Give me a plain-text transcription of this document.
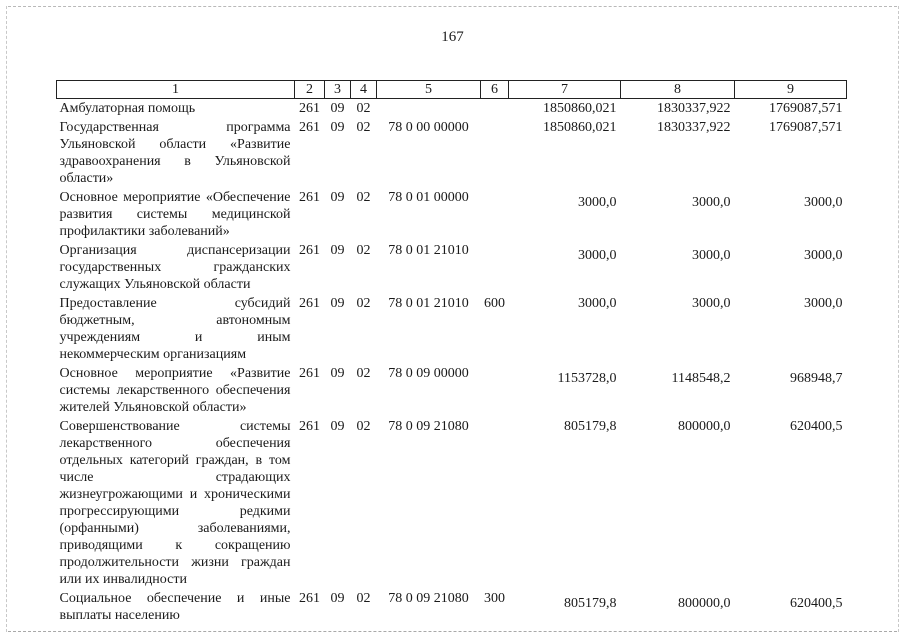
167
1	2	3	4	5	6	7	8	9
Амбулаторная помощь	261	09	02			1850860,021	1830337,922	1769087,571
Государственная программа Ульяновской области «Развитие здравоохранения в Ульяновской области»	261	09	02	78 0 00 00000		1850860,021	1830337,922	1769087,571
Основное мероприятие «Обеспечение развития системы медицинской профилактики заболеваний»	261	09	02	78 0 01 00000		3000,0	3000,0	3000,0
Организация диспансеризации государственных гражданских служащих Ульяновской области	261	09	02	78 0 01 21010		3000,0	3000,0	3000,0
Предоставление субсидий бюджетным, автономным учреждениям и иным некоммерческим организациям	261	09	02	78 0 01 21010	600	3000,0	3000,0	3000,0
Основное мероприятие «Развитие системы лекарственного обеспечения жителей Ульяновской области»	261	09	02	78 0 09 00000		1153728,0	1148548,2	968948,7
Совершенствование системы лекарственного обеспечения отдельных категорий граждан, в том числе страдающих жизнеугрожающими и хроническими прогрессирующими редкими (орфанными) заболеваниями, приводящими к сокращению продолжительности жизни граждан или их инвалидности	261	09	02	78 0 09 21080		805179,8	800000,0	620400,5
Социальное обеспечение и иные выплаты населению	261	09	02	78 0 09 21080	300	805179,8	800000,0	620400,5
